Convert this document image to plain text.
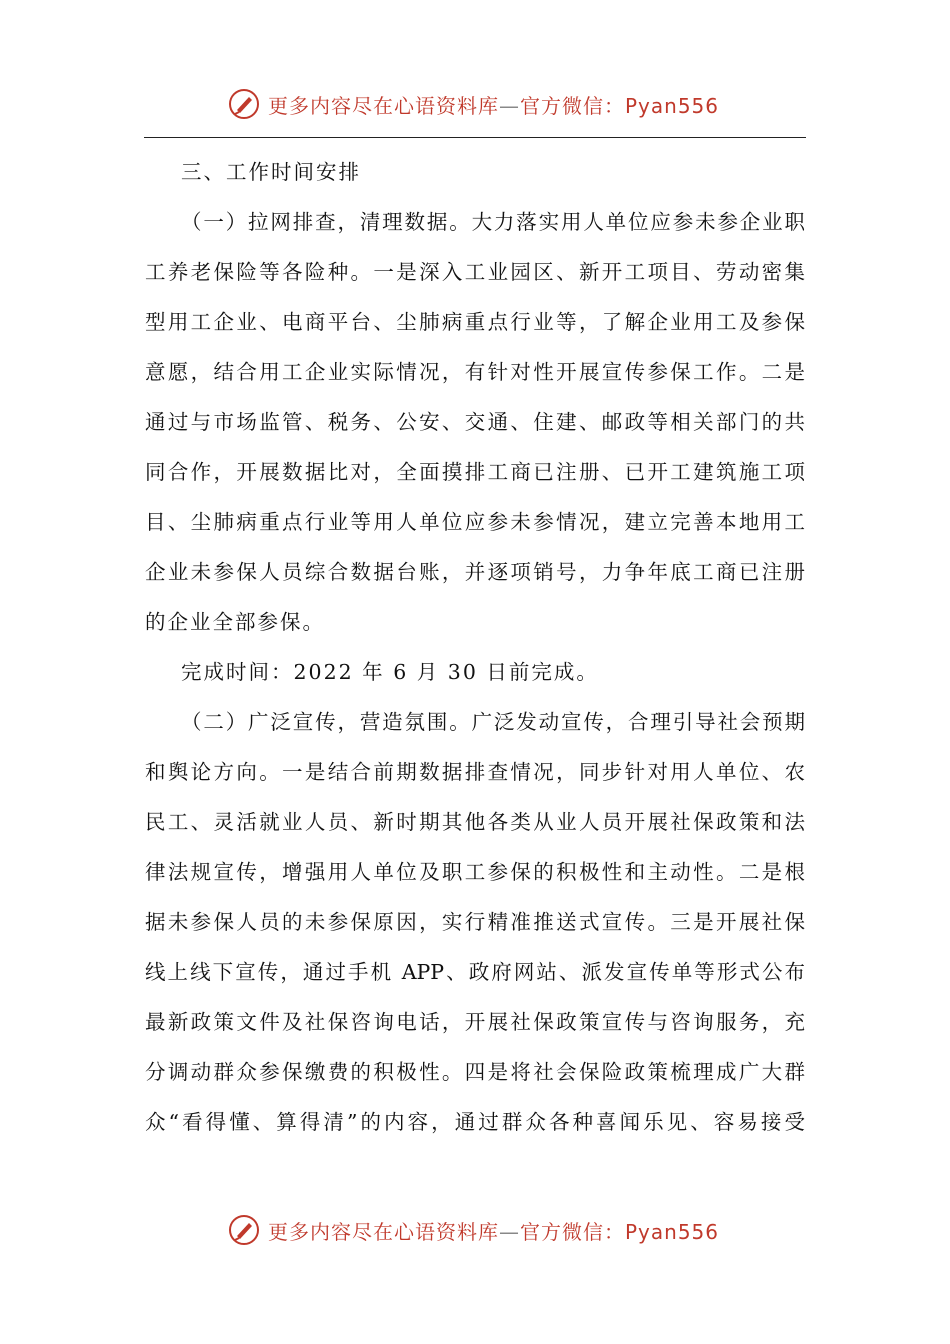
更多内容尽在心语资料库—官方微信：Pyan556
三、工作时间安排
（一）拉网排查，清理数据。大力落实用人单位应参未参企业职
工养老保险等各险种。一是深入工业园区、新开工项目、劳动密集
型用工企业、电商平台、尘肺病重点行业等，了解企业用工及参保
意愿，结合用工企业实际情况，有针对性开展宣传参保工作。二是
通过与市场监管、税务、公安、交通、住建、邮政等相关部门的共
同合作，开展数据比对，全面摸排工商已注册、已开工建筑施工项
目、尘肺病重点行业等用人单位应参未参情况，建立完善本地用工
企业未参保人员综合数据台账，并逐项销号，力争年底工商已注册
的企业全部参保。
完成时间：2022 年 6 月 30 日前完成。
（二）广泛宣传，营造氛围。广泛发动宣传，合理引导社会预期
和舆论方向。一是结合前期数据排查情况，同步针对用人单位、农
民工、灵活就业人员、新时期其他各类从业人员开展社保政策和法
律法规宣传，增强用人单位及职工参保的积极性和主动性。二是根
据未参保人员的未参保原因，实行精准推送式宣传。三是开展社保
线上线下宣传，通过手机 APP、政府网站、派发宣传单等形式公布
最新政策文件及社保咨询电话，开展社保政策宣传与咨询服务，充
分调动群众参保缴费的积极性。四是将社会保险政策梳理成广大群
众“看得懂、算得清”的内容，通过群众各种喜闻乐见、容易接受
更多内容尽在心语资料库—官方微信：Pyan556
